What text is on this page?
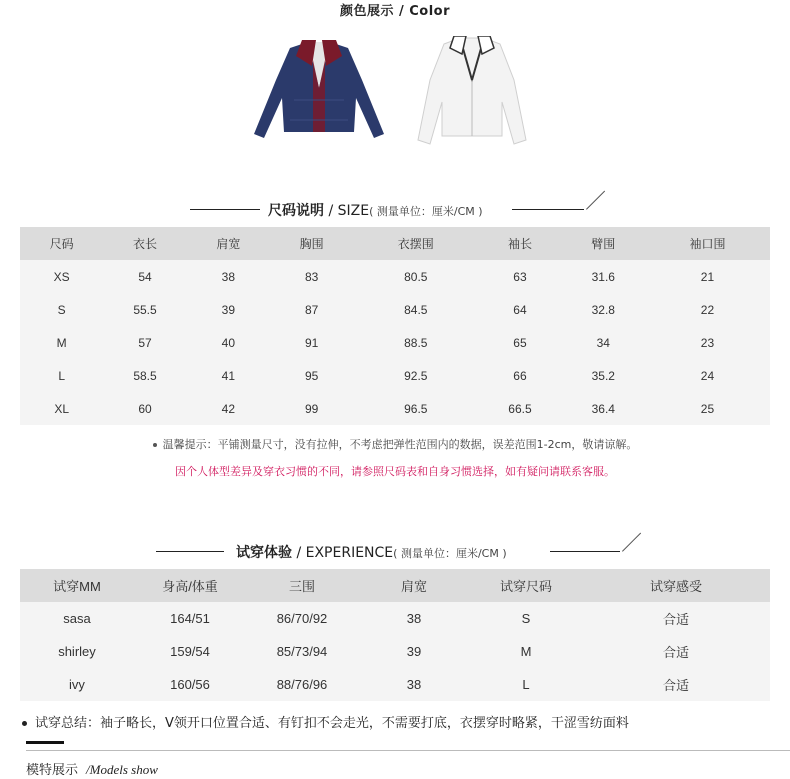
颜色展示 / Color
尺码说明 / SIZE( 测量单位：厘米/CM )
尺码	衣长	肩宽	胸围	衣摆围	袖长	臂围	袖口围
XS	54	38	83	80.5	63	31.6	21
S	55.5	39	87	84.5	64	32.8	22
M	57	40	91	88.5	65	34	23
L	58.5	41	95	92.5	66	35.2	24
XL	60	42	99	96.5	66.5	36.4	25
温馨提示：平铺测量尺寸，没有拉伸，不考虑把弹性范围内的数据，误差范围1-2cm，敬请谅解。
因个人体型差异及穿衣习惯的不同，请参照尺码表和自身习惯选择，如有疑问请联系客服。
试穿体验 / EXPERIENCE( 测量单位：厘米/CM )
试穿MM	身高/体重	三围	肩宽	试穿尺码	试穿感受
sasa	164/51	86/70/92	38	S	合适
shirley	159/54	85/73/94	39	M	合适
ivy	160/56	88/76/96	38	L	合适
试穿总结：袖子略长，V领开口位置合适、有钉扣不会走光，不需要打底，衣摆穿时略紧，干涩雪纺面料
模特展示 /Models show
